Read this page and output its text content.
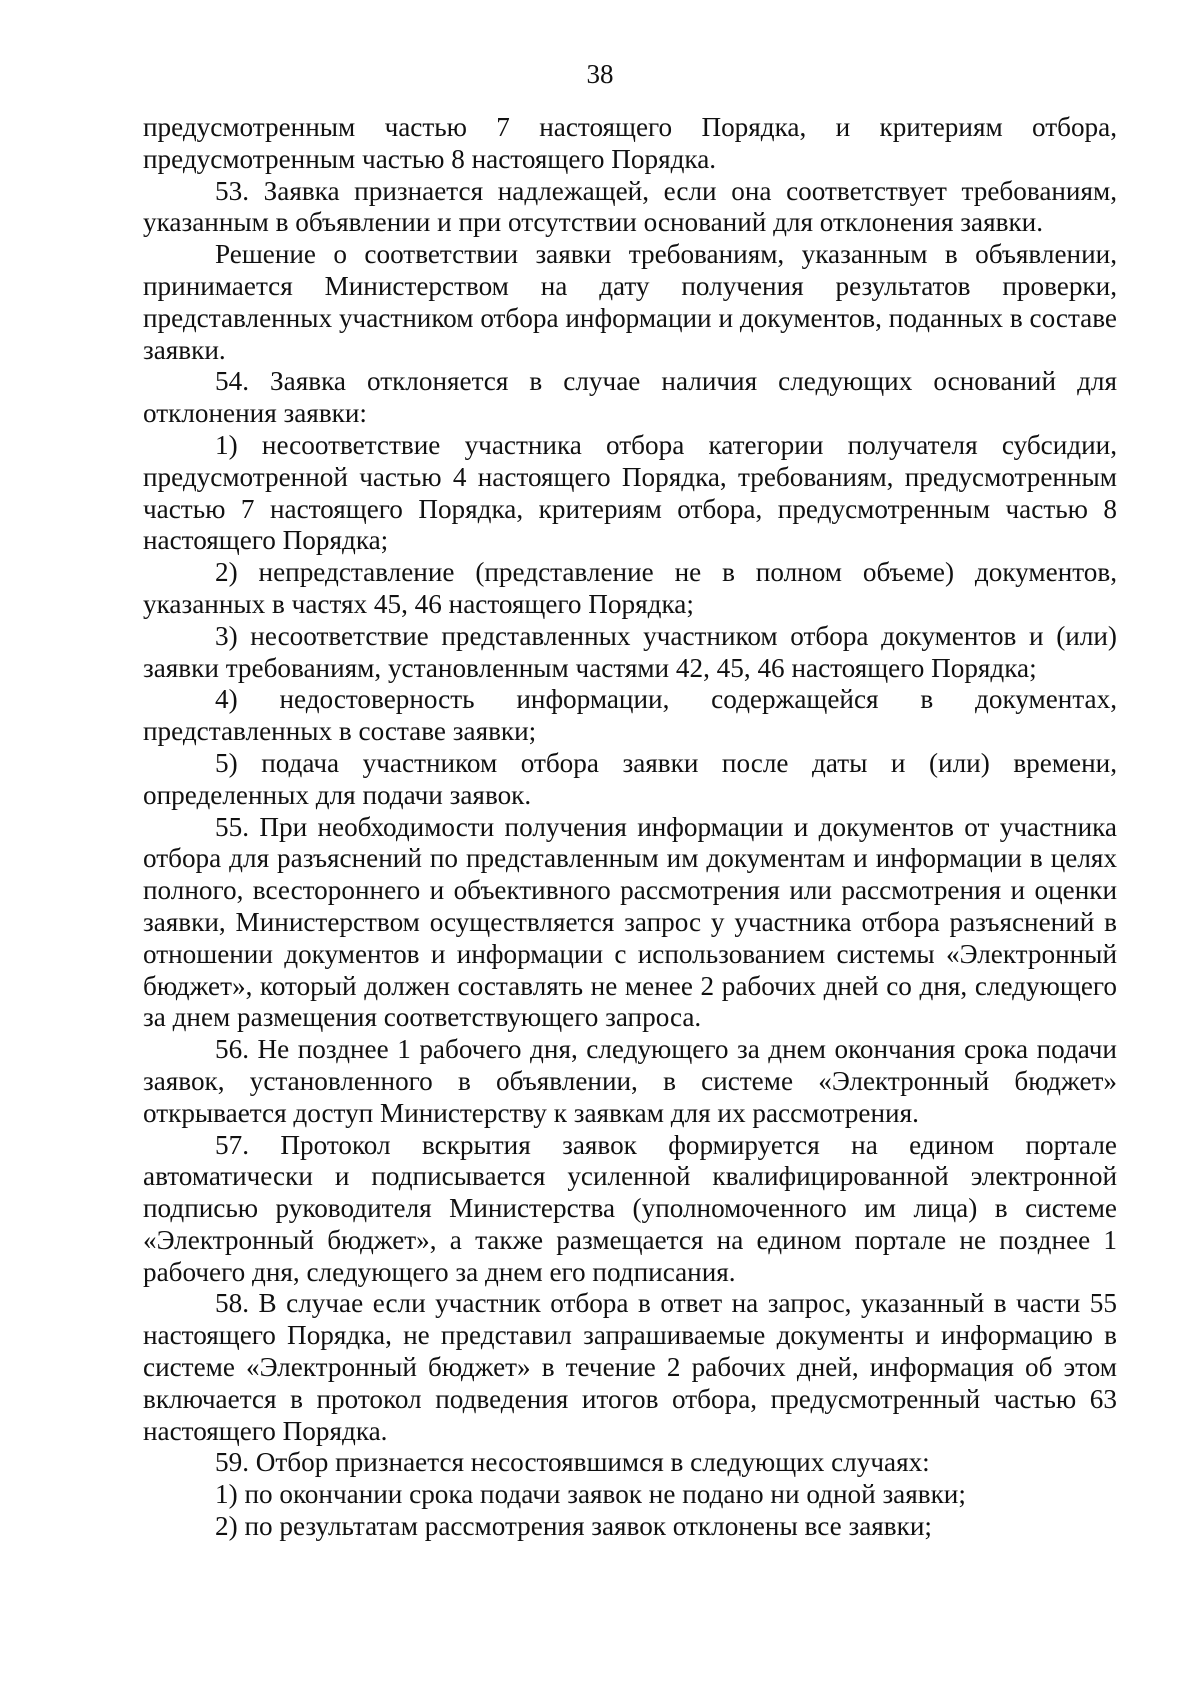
38

предусмотренным частью 7 настоящего Порядка, и критериям отбора, предусмотренным частью 8 настоящего Порядка.

53. Заявка признается надлежащей, если она соответствует требованиям, указанным в объявлении и при отсутствии оснований для отклонения заявки.

Решение о соответствии заявки требованиям, указанным в объявлении, принимается Министерством на дату получения результатов проверки, представленных участником отбора информации и документов, поданных в составе заявки.

54. Заявка отклоняется в случае наличия следующих оснований для отклонения заявки:

1) несоответствие участника отбора категории получателя субсидии, предусмотренной частью 4 настоящего Порядка, требованиям, предусмотренным частью 7 настоящего Порядка, критериям отбора, предусмотренным частью 8 настоящего Порядка;

2) непредставление (представление не в полном объеме) документов, указанных в частях 45, 46 настоящего Порядка;

3) несоответствие представленных участником отбора документов и (или) заявки требованиям, установленным частями 42, 45, 46 настоящего Порядка;

4) недостоверность информации, содержащейся в документах, представленных в составе заявки;

5) подача участником отбора заявки после даты и (или) времени, определенных для подачи заявок.

55. При необходимости получения информации и документов от участника отбора для разъяснений по представленным им документам и информации в целях полного, всестороннего и объективного рассмотрения или рассмотрения и оценки заявки, Министерством осуществляется запрос у участника отбора разъяснений в отношении документов и информации с использованием системы «Электронный бюджет», который должен составлять не менее 2 рабочих дней со дня, следующего за днем размещения соответствующего запроса.

56. Не позднее 1 рабочего дня, следующего за днем окончания срока подачи заявок, установленного в объявлении, в системе «Электронный бюджет» открывается доступ Министерству к заявкам для их рассмотрения.

57. Протокол вскрытия заявок формируется на едином портале автоматически и подписывается усиленной квалифицированной электронной подписью руководителя Министерства (уполномоченного им лица) в системе «Электронный бюджет», а также размещается на едином портале не позднее 1 рабочего дня, следующего за днем его подписания.

58. В случае если участник отбора в ответ на запрос, указанный в части 55 настоящего Порядка, не представил запрашиваемые документы и информацию в системе «Электронный бюджет» в течение 2 рабочих дней, информация об этом включается в протокол подведения итогов отбора, предусмотренный частью 63 настоящего Порядка.

59. Отбор признается несостоявшимся в следующих случаях:

1) по окончании срока подачи заявок не подано ни одной заявки;

2) по результатам рассмотрения заявок отклонены все заявки;
